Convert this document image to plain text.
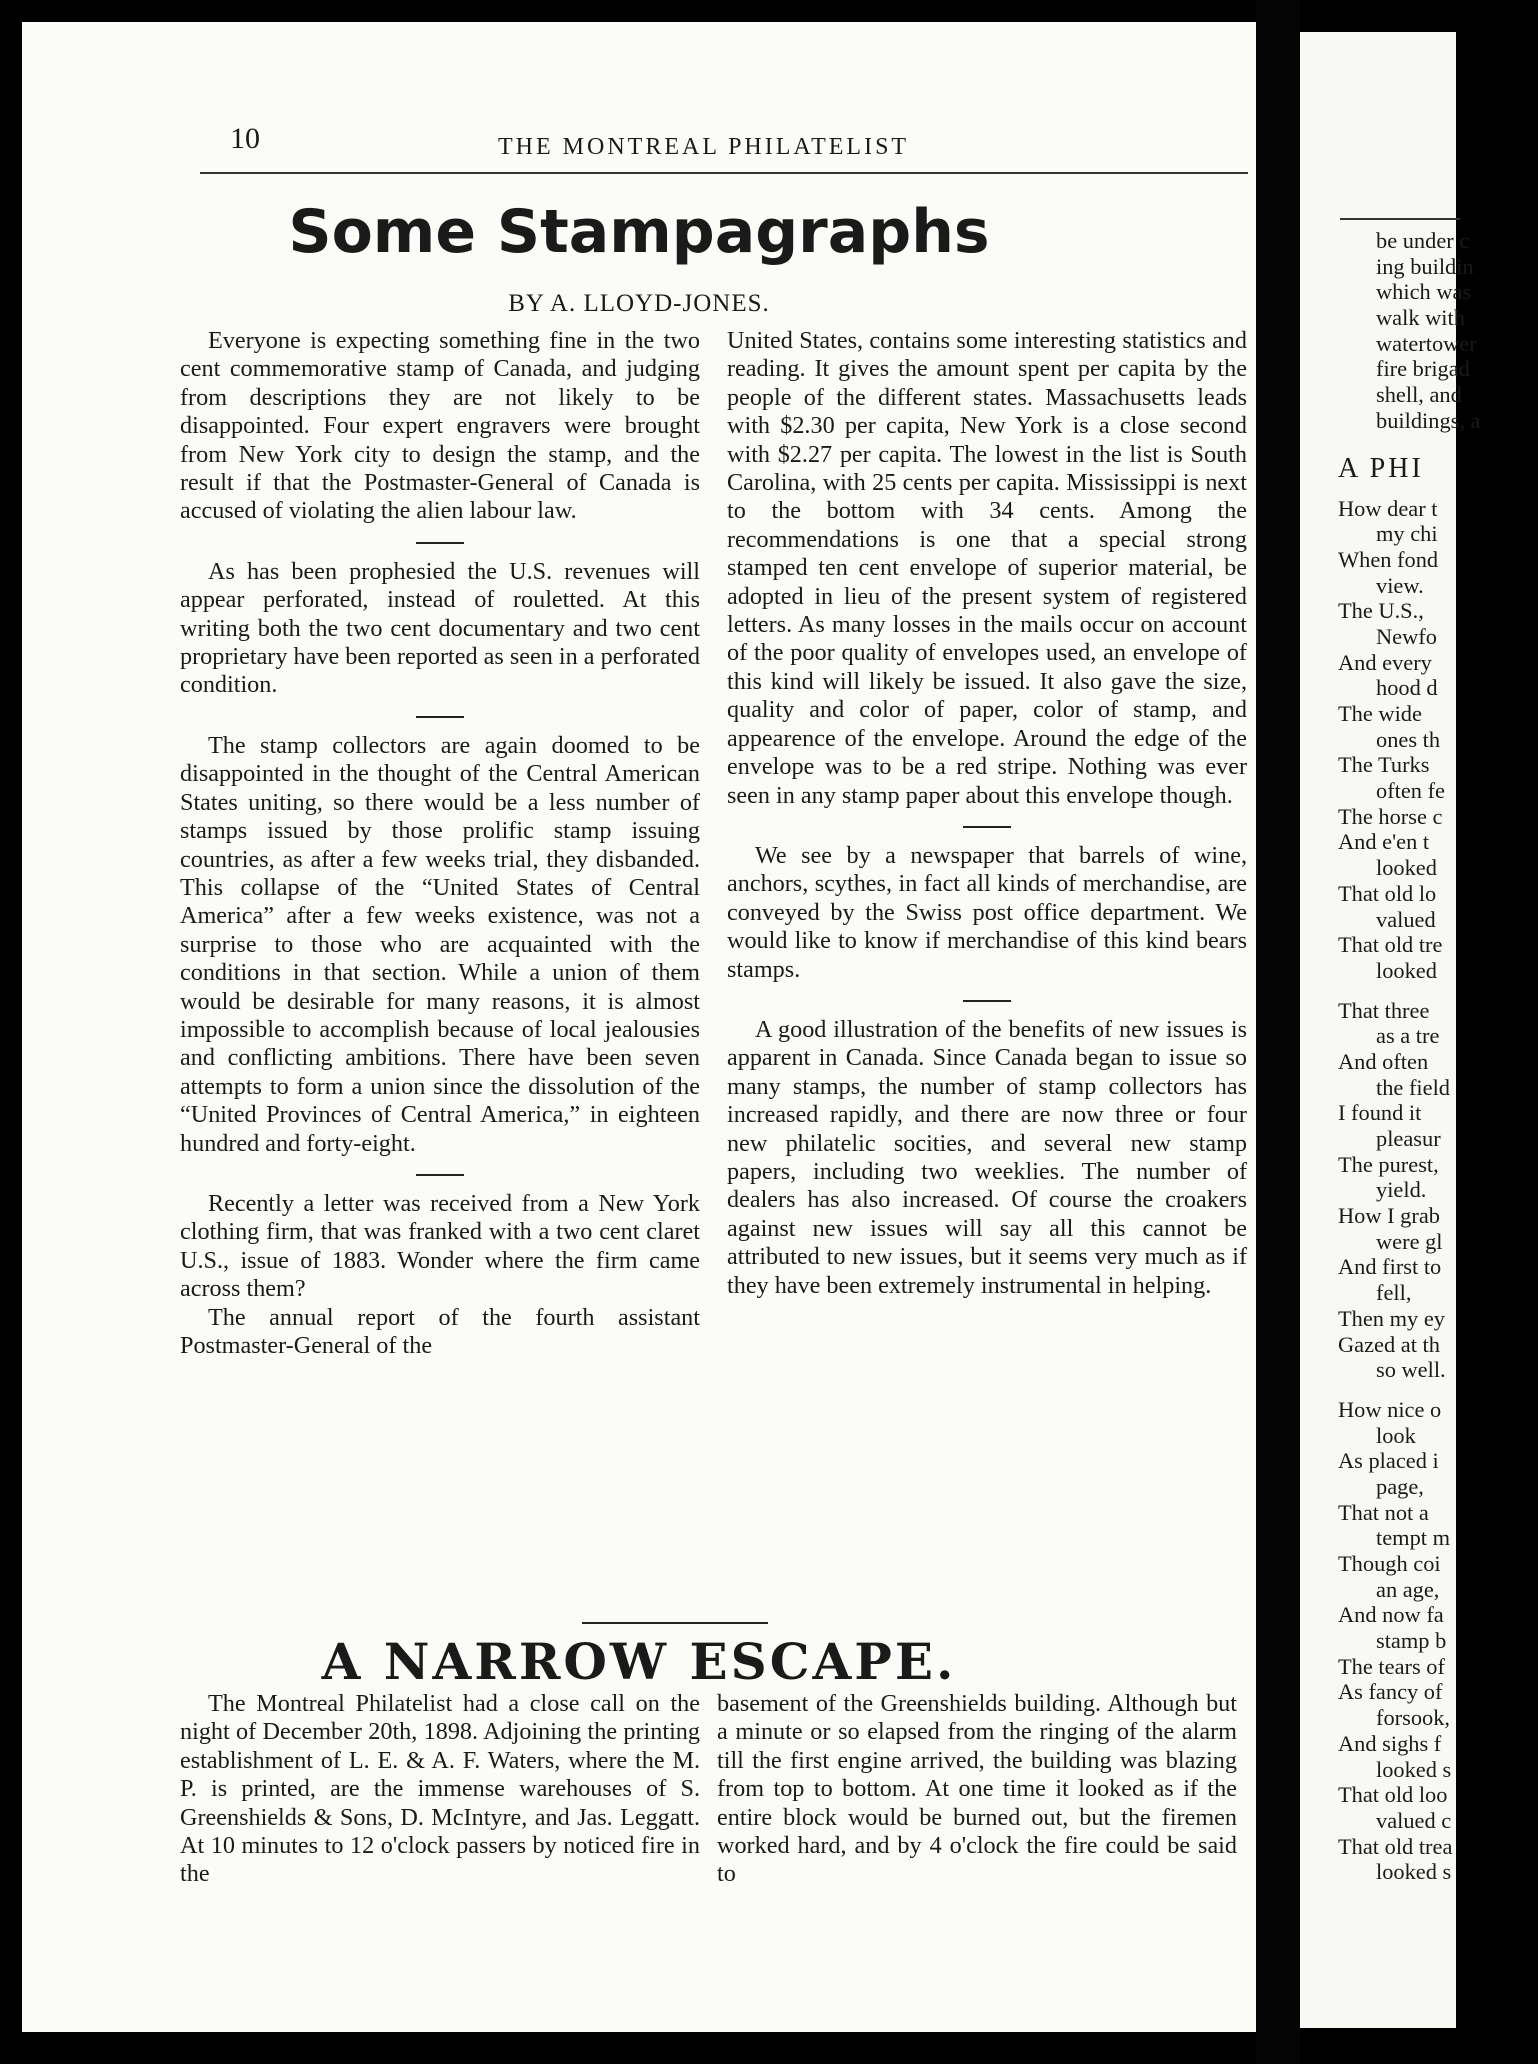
10	THE MONTREAL PHILATELIST
Some Stampagraphs
BY A. LLOYD-JONES.

Everyone is expecting something fine in the two cent commemorative stamp of Canada, and judging from descriptions they are not likely to be disappointed. Four expert engravers were brought from New York city to design the stamp, and the result if that the Postmaster-General of Canada is accused of violating the alien labour law.

As has been prophesied the U.S. revenues will appear perforated, instead of rouletted. At this writing both the two cent documentary and two cent proprietary have been reported as seen in a perforated condition.

The stamp collectors are again doomed to be disappointed in the thought of the Central American States uniting, so there would be a less number of stamps issued by those prolific stamp issuing countries, as after a few weeks trial, they disbanded. This collapse of the “United States of Central America” after a few weeks existence, was not a surprise to those who are acquainted with the conditions in that section. While a union of them would be desirable for many reasons, it is almost impossible to accomplish because of local jealousies and conflicting ambitions. There have been seven attempts to form a union since the dissolution of the “United Provinces of Central America,” in eighteen hundred and forty-eight.

Recently a letter was received from a New York clothing firm, that was franked with a two cent claret U.S., issue of 1883. Wonder where the firm came across them?

The annual report of the fourth assistant Postmaster-General of the

United States, contains some interesting statistics and reading. It gives the amount spent per capita by the people of the different states. Massachusetts leads with $2.30 per capita, New York is a close second with $2.27 per capita. The lowest in the list is South Carolina, with 25 cents per capita. Mississippi is next to the bottom with 34 cents. Among the recommendations is one that a special strong stamped ten cent envelope of superior material, be adopted in lieu of the present system of registered letters. As many losses in the mails occur on account of the poor quality of envelopes used, an envelope of this kind will likely be issued. It also gave the size, quality and color of paper, color of stamp, and appearence of the envelope. Around the edge of the envelope was to be a red stripe. Nothing was ever seen in any stamp paper about this envelope though.

We see by a newspaper that barrels of wine, anchors, scythes, in fact all kinds of merchandise, are conveyed by the Swiss post office department. We would like to know if merchandise of this kind bears stamps.

A good illustration of the benefits of new issues is apparent in Canada. Since Canada began to issue so many stamps, the number of stamp collectors has increased rapidly, and there are now three or four new philatelic socities, and several new stamp papers, including two weeklies. The number of dealers has also increased. Of course the croakers against new issues will say all this cannot be attributed to new issues, but it seems very much as if they have been extremely instrumental in helping.

A NARROW ESCAPE.

The Montreal Philatelist had a close call on the night of December 20th, 1898. Adjoining the printing establishment of L. E. & A. F. Waters, where the M. P. is printed, are the immense warehouses of S. Greenshields & Sons, D. McIntyre, and Jas. Leggatt. At 10 minutes to 12 o'clock passers by noticed fire in the

basement of the Greenshields building. Although but a minute or so elapsed from the ringing of the alarm till the first engine arrived, the building was blazing from top to bottom. At one time it looked as if the entire block would be burned out, but the firemen worked hard, and by 4 o'clock the fire could be said to

be under c
ing buildin
which was
walk with
watertower
fire brigad
shell, and
buildings, a
A PHI
How dear t
my chi
When fond
view.
The U.S.,
Newfo
And every
hood d
The wide
ones th
The Turks
often fe
The horse c
And e'en t
looked
That old lo
valued
That old tre
looked
That three
as a tre
And often
the field
I found it
pleasur
The purest,
yield.
How I grab
were gl
And first to
fell,
Then my ey
Gazed at th
so well.
How nice o
look
As placed i
page,
That not a
tempt m
Though coi
an age,
And now fa
stamp b
The tears of
As fancy of
forsook,
And sighs f
looked s
That old loo
valued c
That old trea
looked s
